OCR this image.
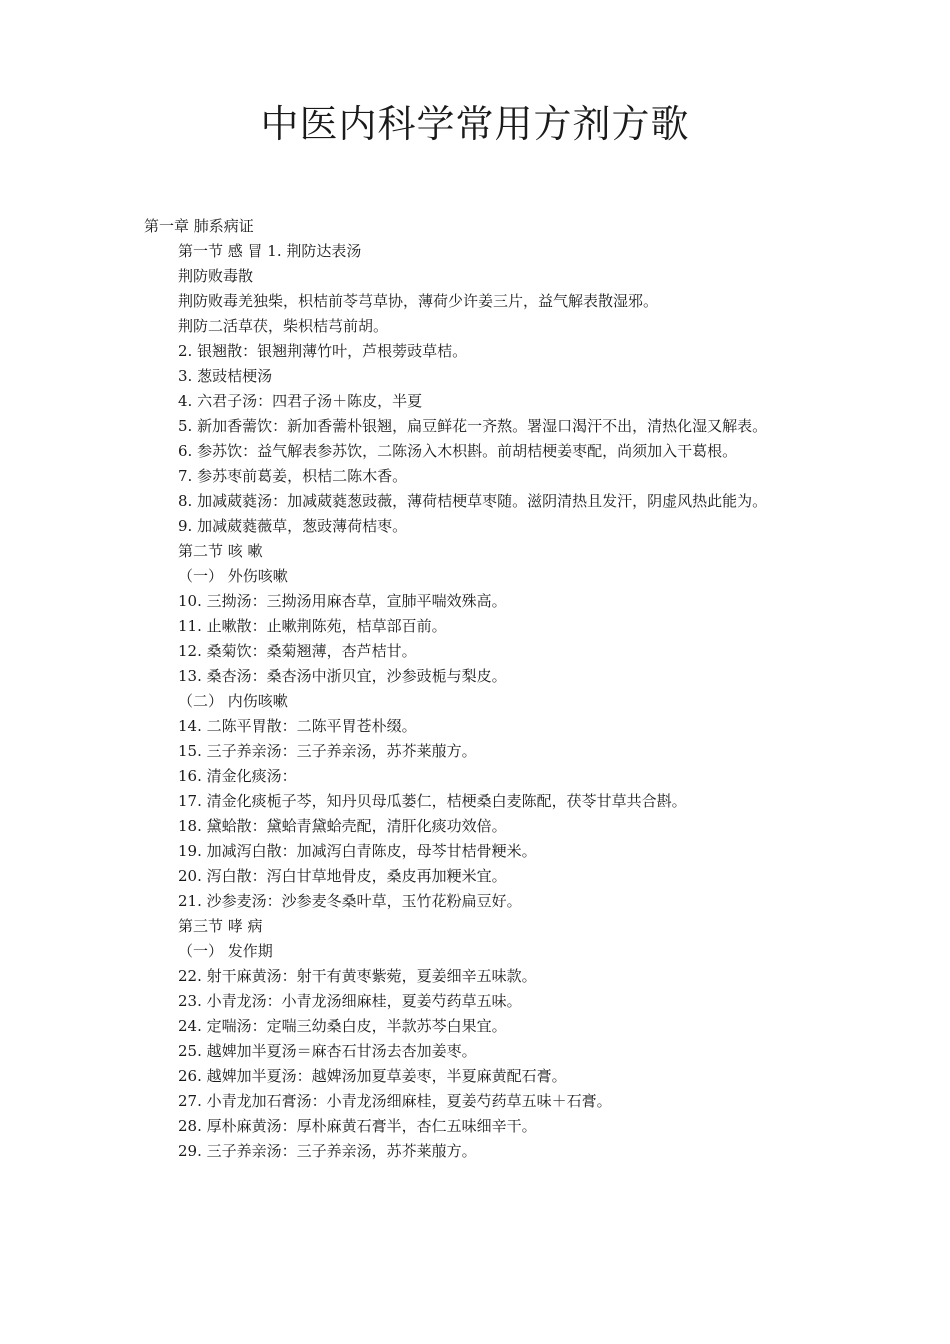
中医内科学常用方剂方歌
第一章 肺系病证
第一节 感 冒 1. 荆防达表汤
荆防败毒散
荆防败毒羌独柴，枳桔前苓芎草协，薄荷少许姜三片，益气解表散湿邪。
荆防二活草茯，柴枳桔芎前胡。
2. 银翘散：银翘荆薄竹叶，芦根蒡豉草桔。
3. 葱豉桔梗汤
4. 六君子汤：四君子汤＋陈皮，半夏
5. 新加香薷饮：新加香薷朴银翘，扁豆鲜花一齐熬。署湿口渴汗不出，清热化湿又解表。
6. 参苏饮：益气解表参苏饮，二陈汤入木枳斟。前胡桔梗姜枣配，尚须加入干葛根。
7. 参苏枣前葛姜，枳桔二陈木香。
8. 加减葳蕤汤：加减葳蕤葱豉薇，薄荷桔梗草枣随。滋阴清热且发汗，阴虚风热此能为。
9. 加减葳蕤薇草，葱豉薄荷桔枣。
第二节 咳 嗽
（一） 外伤咳嗽
10. 三拗汤：三拗汤用麻杏草，宣肺平喘效殊高。
11. 止嗽散：止嗽荆陈苑，桔草部百前。
12. 桑菊饮：桑菊翘薄，杏芦桔甘。
13. 桑杏汤：桑杏汤中浙贝宜，沙参豉栀与梨皮。
（二） 内伤咳嗽
14. 二陈平胃散：二陈平胃苍朴缀。
15. 三子养亲汤：三子养亲汤，苏芥莱菔方。
16. 清金化痰汤：
17. 清金化痰栀子芩，知丹贝母瓜蒌仁，桔梗桑白麦陈配，茯苓甘草共合斟。
18. 黛蛤散：黛蛤青黛蛤壳配，清肝化痰功效倍。
19. 加减泻白散：加减泻白青陈皮，母芩甘桔骨粳米。
20. 泻白散：泻白甘草地骨皮，桑皮再加粳米宜。
21. 沙参麦汤：沙参麦冬桑叶草，玉竹花粉扁豆好。
第三节 哮 病
（一） 发作期
22. 射干麻黄汤：射干有黄枣紫菀，夏姜细辛五味款。
23. 小青龙汤：小青龙汤细麻桂，夏姜芍药草五味。
24. 定喘汤：定喘三幼桑白皮，半款苏芩白果宜。
25. 越婢加半夏汤＝麻杏石甘汤去杏加姜枣。
26. 越婢加半夏汤：越婢汤加夏草姜枣，半夏麻黄配石膏。
27. 小青龙加石膏汤：小青龙汤细麻桂，夏姜芍药草五味＋石膏。
28. 厚朴麻黄汤：厚朴麻黄石膏半，杏仁五味细辛干。
29. 三子养亲汤：三子养亲汤，苏芥莱菔方。
